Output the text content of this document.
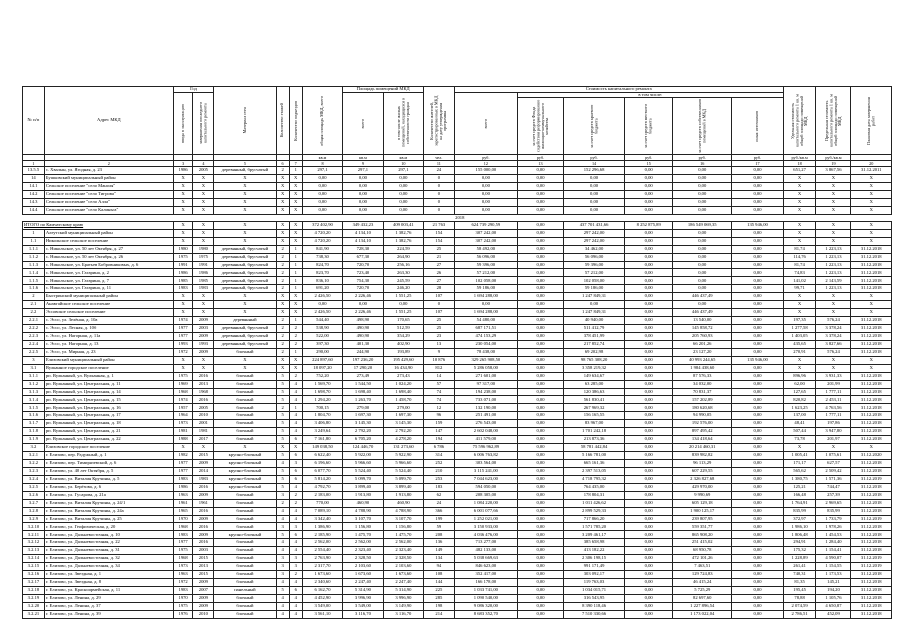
№ п/п	Адрес МКД	Год		Материал стен	Количество этажей	Количество подъездов	общая площадь МКД, всего	Площадь помещений МКД		Количество жителей, зарегистрированных в МКД на дату утверждения программы	Стоимость капитального ремонта						Удельная стоимость капитального ремонта 1 кв. м общей площади помещений МКД	Предельная стоимость капитального ремонта 1 кв. м общей площади помещений МКД	Плановая дата завершения работ

		ввода в эксплуатацию	завершения последнего капитального ремонта					всего	в том числе жилых помещений, находящихся в собственности граждан		всего	в том числе:							

												за счет средств Фонда содействия реформированию жилищно-коммунального хозяйства	за счет средств краевого бюджета	за счет средств местного бюджета	за счет средств собственников помещений в МКД	иных источников			

							кв.м	кв.м	кв.м	чел.	руб.	руб.	руб.	руб.	руб.	руб.	руб./кв.м	руб./кв.м	
1	2	3	4	5	6	7	8	9	10	11	12	13	14	15	16	17	18	19	20
13.5.5	с. Хвалын, ул. Ягодная, д. 23	1986	2005	деревянный, брусчатый	2	1	297,1	297,1	297,1	24	155 000,00	0,00	152 296,68	0,00	0,00	0,00	651,27	3 867,56	31.12.2011
14	Бушковский муниципальный район	X	X	X	X	X	0,00	0,00	0,00	0	0,00	0,00	0,00	0,00	0,00	0,00	X	X	X
14.1	Сельское поселение "село Маноля"	X	X	X	X	X	0,00	0,00	0,00	0	0,00	0,00	0,00	0,00	0,00	0,00	X	X	X
14.2	Сельское поселение "село Тигрова"	X	X	X	X	X	0,00	0,00	0,00	0	0,00	0,00	0,00	0,00	0,00	0,00	X	X	X
14.3	Сельское поселение "село Алла"	X	X	X	X	X	0,00	0,00	0,00	0	0,00	0,00	0,00	0,00	0,00	0,00	X	X	X
14.4	Сельское поселение "село Калиньга"	X	X	X	X	X	0,00	0,00	0,00	0	0,00	0,00	0,00	0,00	0,00	0,00	X	X	X
											2018								
ИТОГО по Камчатскому краю		X	X	X	X	X	372 402,90	349 432,23	409 003,41	21 763	624 739 290,59	0,00	437 701 431,66	8 252 875,89	186 549 069,35	135 946,00	X	X	X
1	Алеутский муниципальный район	X	X	X	X	X	4 720,20	4 134,10	1 382,76	154	307 242,00	0,00	297 242,00	0,00	0,00	0,00	X	X	X
1.1	Никольское сельское поселение	X	X	X	X	X	4 720,20	4 134,10	1 382,76	154	307 242,00	0,00	297 242,00	0,00	0,00	0,00	X	X	X
1.1.1	с. Никольское, ул. 50 лет Октября, д. 27	1980	1980	деревянный, брусчатый	2	1	841,90	728,30	224,59	25	58 492,00	0,00	34 462,00	0,00	0,00	0,00	81,74	1 223,13	31.12.2018
1.1.2	с. Никольское, ул. 50 лет Октября, д. 26	1975	1975	деревянный, брусчатый	2	1	738,30	677,30	264,90	21	56 096,00	0,00	56 096,00	0,00	0,00	0,00	114,76	1 223,13	31.12.2018
1.1.3	с. Никольское, ул. Братьев Бобровниковых, д. 6	1991	1991	деревянный, брусчатый	2	1	824,70	720,70	256,16	27	59 396,00	0,00	59 396,00	0,00	0,00	0,00	81,74	1 223,13	31.12.2018
1.1.4	с. Никольское, ул. Гагарина, д. 2	1986	1986	деревянный, брусчатый	2	1	823,70	723,40	263,30	26	57 212,00	0,00	57 212,00	0,00	0,00	0,00	74,83	1 223,13	31.12.2018
1.1.5	с. Никольское, ул. Гагарина, д. 7	1985	1985	деревянный, брусчатый	2	1	836,10	754,30	245,59	27	102 058,00	0,00	102 058,00	0,00	0,00	0,00	141,02	2 143,59	31.12.2018
1.1.6	с. Никольское, ул. Гагарина, д. 11	1983	1983	деревянный, брусчатый	2	1	691,20	720,70	246,20	28	59 186,00	0,00	59 186,00	0,00	0,00	0,00	99,71	1 223,13	31.12.2018
2	Быстринский муниципальный район	X	X	X	X	X	2 426,50	2 226,46	1 551,25	107	1 694 288,00	0,00	1 247 849,31	0,00	446 437,49	0,00	X	X	X
2.1	Анавгайское сельское поселение	X	X	X	X	X	0,00	0,00	0,00	0	0,00	0,00	0,00	0,00	0,00	0,00	X	X	X
2.2	Эссовское сельское поселение	X	X	X	X	X	2 426,50	2 226,46	1 551,25	107	1 694 288,00	0,00	1 247 849,31	0,00	446 437,49	0,00	X	X	X
2.2.1	с. Эссо, ул. Зелёная, д. 10а	1974	2009	деревянный	2	1	544,40	498,90	170,65	25	54 480,00	0,00	40 940,00	0,00	13 540,00	0,00	197,35	576,24	31.12.2018
2.2.2	с. Эссо, ул. Лесная, д. 10б	1977	2003	деревянный, брусчатый	2	2	538,90	490,90	512,59	25	687 171,51	0,00	511 412,79	0,00	145 858,72	0,00	1 277,58	3 378,24	31.12.2018
2.2.3	с. Эссо, ул. Нагорная, д. 11а	1977	2009	деревянный, брусчатый	2	2	522,00	490,90	354,29	23	474 153,29	0,00	378 451,99	0,00	205 760,93	0,00	1 403,05	3 378,24	31.12.2018
2.2.4	с. Эссо, ул. Нагорная, д. 13	1993	1993	деревянный, брусчатый	2	2	397,30	401,30	402,90	13	230 054,00	0,00	217 852,74	0,00	66 201,26	0,00	435,65	3 827,66	31.12.2018
2.2.5	с. Эссо, ул. Мирная, д. 23	1972	2009	блочный	2	1	290,00	244,90	193,89	9	78 438,00	0,00	69 202,98	0,00	23 127,20	0,00	270,91	576,24	31.12.2018
3	Елизовский муниципальный район	X	X	X	X	X	224 897,60	197 236,20	195 429,60	10 876	329 265 908,50	0,00	98 765 308,20	0,00	40 993 244,65	135 946,00	X	X	X
3.1	Вулканное городское поселение	X	X	X	X	X	18 097,20	17 290,20	16 434,90	812	5 286 058,00	0,00	3 358 219,32	0,00	1 984 438,60	0,00	X	X	X
3.1.1	рп. Вулканный, ул. Вулканная, д. 1	1975	2016	блочный	5	2	752,20	273,49	273,43	14	271 601,00	0,00	149 634,67	0,00	87 576,33	0,00	896,96	3 931,33	31.12.2018
3.1.2	рп. Вулканный, ул. Центральная, д. 11	1969	2013	блочный	5	4	1 569,70	1 544,50	1 024,20	57	97 317,00	0,00	63 285,00	0,00	34 032,00	0,00	62,00	201,99	31.12.2018
3.1.3	рп. Вулканный, ул. Центральная, д. 14	1968	1968	блочный	5	4	1 698,70	1 698,40	1 698,40	74	194 238,00	0,00	120 386,63	0,00	70 831,37	0,00	127,65	1 777,11	31.12.2018
3.1.4	рп. Вулканный, ул. Центральная, д. 15	1974	2016	блочный	5	4	1 294,20	1 263,70	1 458,70	74	733 071,00	0,00	561 830,41	0,00	157 202,89	0,00	820,82	2 453,11	31.12.2018
3.1.5	рп. Вулканный, ул. Центральная, д. 16	1957	2005	блочный	2	1	700,15	279,00	279,00	12	132 190,00	0,00	267 969,32	0,00	180 620,68	0,00	1 623,25	4 763,56	31.12.2018
3.1.6	рп. Вулканный, ул. Центральная, д. 17	1964	2010	блочный	5	4	1 804,70	1 697,30	1 697,30	96	251 491,00	0,00	156 165,55	0,00	94 990,05	0,00	137,00	1 777,11	31.12.2018
3.1.7	рп. Вулканный, ул. Центральная, д. 18	1973	2001	блочный	5	4	3 406,80	3 145,30	3 145,30	159	276 543,00	0,00	83 967,00	0,00	192 576,00	0,00	48,41	197,86	31.12.2018
3.1.8	рп. Вулканный, ул. Центральная, д. 21	1981	1981	блочный	5	4	3 249,64	2 792,20	2 792,20	147	2 602 048,00	0,00	1 701 242,18	0,00	897 495,42	0,00	507,44	3 947,80	31.12.2018
3.1.9	рп. Вулканный, ул. Центральная, д. 22	1988	2017	блочный	5	6	7 161,80	6 705,20	4 278,20	194	411 579,00	0,00	213 873,36	0,00	134 418,64	0,00	73,78	201,97	31.12.2018
3.2	Елизовское городское поселение	X	X	X	X	X	149 038,50	124 446,70	131 273,60	6 786	75 596 962,89	0,00	58 781 442,84	0,00	20 214 460,31	0,00	X	X	X
3.2.1	г. Елизово, пер. Радужный, д. 1	1982	2015	крупно-блочный	5	6	6 622,40	5 922,00	5 922,90	314	6 006 763,82	0,00	5 166 781,00	0,00	839 982,82	0,00	1 005,41	1 075,61	31.12.2020
3.2.2	г. Елизово, пер. Тимирязевский, д. 6	1977	2009	крупно-блочный	4	3	6 196,60	5 966,60	5 966,60	252	303 564,00	0,00	665 161,36	0,00	96 113,29	0,00	171,17	627,57	31.12.2018
3.2.3	г. Елизово, ул. 40 лет Октября, д. 5	1977	2014	крупно-блочный	5	6	6 077,70	5 524,40	5 524,40	210	3 115 241,00	0,00	2 397 513,05	0,00	607 229,55	0,00	565,62	2 509,42	31.12.2018
3.2.4	г. Елизово, ул. Виталия Кручины, д. 5	1983	1983	крупно-блочный	5	6	5 814,20	5 099,70	5 099,70	253	7 044 623,00	0,00	4 718 795,32	0,00	2 326 827,68	0,00	1 380,75	1 571,36	31.12.2019
3.2.5	г. Елизово, ул. Берёзова, д. 6	1986	2016	крупно-блочный	5	4	4 792,70	3 899,40	3 899,40	183	594 050,00	0,00	764 435,00	0,00	429 970,00	0,00	125,21	744,47	31.12.2018
3.2.6	г. Елизово, ул. Гусарова, д. 21а	1963	2009	блочный	3	2	2 183,00	1 913,80	1 913,80	62	208 305,00	0,00	178 804,31	0,00	9 990,69	0,00	166,48	257,39	31.12.2018
3.2.7	г. Елизово, ул. Виталия Кручины, д. 24/1	1961	1961	блочный	2	2	770,00	460,90	460,90	24	1 084 220,00	0,00	1 011 426,62	0,00	605 129,18	0,00	1 764,91	2 969,65	31.12.2018
3.2.8	г. Елизово, ул. Виталия Кручины, д. 24а	1965	2016	блочный	4	4	7 089,10	4 788,90	4 788,90	366	6 001 077,66	0,00	2 899 529,33	0,00	1 900 125,17	0,00	835,99	835,99	31.12.2018
3.2.9	г. Елизово, ул. Виталия Кручины, д. 25	1970	2009	блочный	4	4	3 342,40	3 107,70	3 107,70	199	1 252 021,00	0,00	717 866,20	0,00	239 807,95	0,00	372,97	1 733,79	31.12.2019
3.2.10	г. Елизово, ул. Геофизическая, д. 20	1968	2016	блочный	3	3	1 386,90	1 156,80	1 156,80	59	3 150 933,00	0,00	1 571 785,20	0,00	559 351,77	0,00	1 986,10	1 978,26	31.12.2018
3.2.11	г. Елизово, ул. Дальневосточная, д. 10	1983	2009	крупно-блочный	5	6	2 185,90	1 475,70	1 475,70	208	4 036 476,00	0,00	3 209 461,17	0,00	865 908,20	0,00	1 806,48	1 454,53	31.12.2018
3.2.12	г. Елизово, ул. Дальневосточная, д. 22	1977	2016	блочный	4	4	2 562,00	2 562,00	2 562,00	136	713 277,00	0,00	385 658,98	0,00	251 415,02	0,00	294,91	1 284,40	31.12.2018
3.2.13	г. Елизово, ул. Дальневосточная, д. 31	1975	2003	блочный	4	4	2 554,40	2 323,40	2 323,40	149	482 133,00	0,00	413 182,22	0,00	68 950,78	0,00	175,32	1 154,41	31.12.2018
3.2.14	г. Елизово, ул. Дальневосточная, д. 32	1968	2015	блочный	3	3	2 763,90	2 328,50	2 328,50	134	5 038 669,63	0,00	2 306 198,15	0,00	472 101,26	0,00	1 228,89	4 590,07	31.12.2019
3.2.15	г. Елизово, ул. Дальневосточная, д. 34	1973	2013	блочный	3	3	2 317,70	2 103,60	2 103,60	94	846 623,00	0,00	991 171,49	0,00	7 463,51	0,00	261,41	1 154,55	31.12.2019
3.2.16	г. Елизово, ул. Звездная, д. 1	1963	2015	блочный	3	2	1 673,60	1 673,60	1 673,60	108	352 417,00	0,00	303 092,17	0,00	129 724,83	0,00	740,31	1 173,53	31.12.2018
3.2.17	г. Елизово, ул. Звездная, д. 8	1972	2009	блочный	4	4	2 340,60	2 247,40	2 247,40	144	166 178,00	0,00	119 763,03	0,00	46 415,24	0,00	81,35	145,21	31.12.2018
3.2.18	г. Елизово, ул. Красноармейская, д. 11	1983	2007	панельный	5	6	6 162,70	5 314,90	5 314,90	225	1 033 741,00	0,00	1 034 015,71	0,00	5 725,29	0,00	195,45	194,20	31.12.2018
3.2.19	г. Елизово, ул. Ленина, д. 29	1970	2009	блочный	4	4	4 452,90	3 996,90	3 996,90	285	1 090 540,00	0,00	316 543,95	0,00	82 697,60	0,00	78,88	1 105,76	31.12.2018
3.2.20	г. Елизово, ул. Ленина, д. 37	1975	2009	блочный	4	4	3 549,00	3 549,00	3 149,90	198	9 086 320,00	0,00	8 390 118,46	0,00	1 227 896,54	0,00	2 074,59	4 650,87	31.12.2018
3.2.21	г. Елизово, ул. Ленина, д. 39	1976	2010	блочный	4	4	3 561,10	3 116,70	3 116,70	214	8 683 352,70	0,00	7 510 330,66	0,00	1 173 022,04	0,00	2 786,51	452,09	31.12.2018
